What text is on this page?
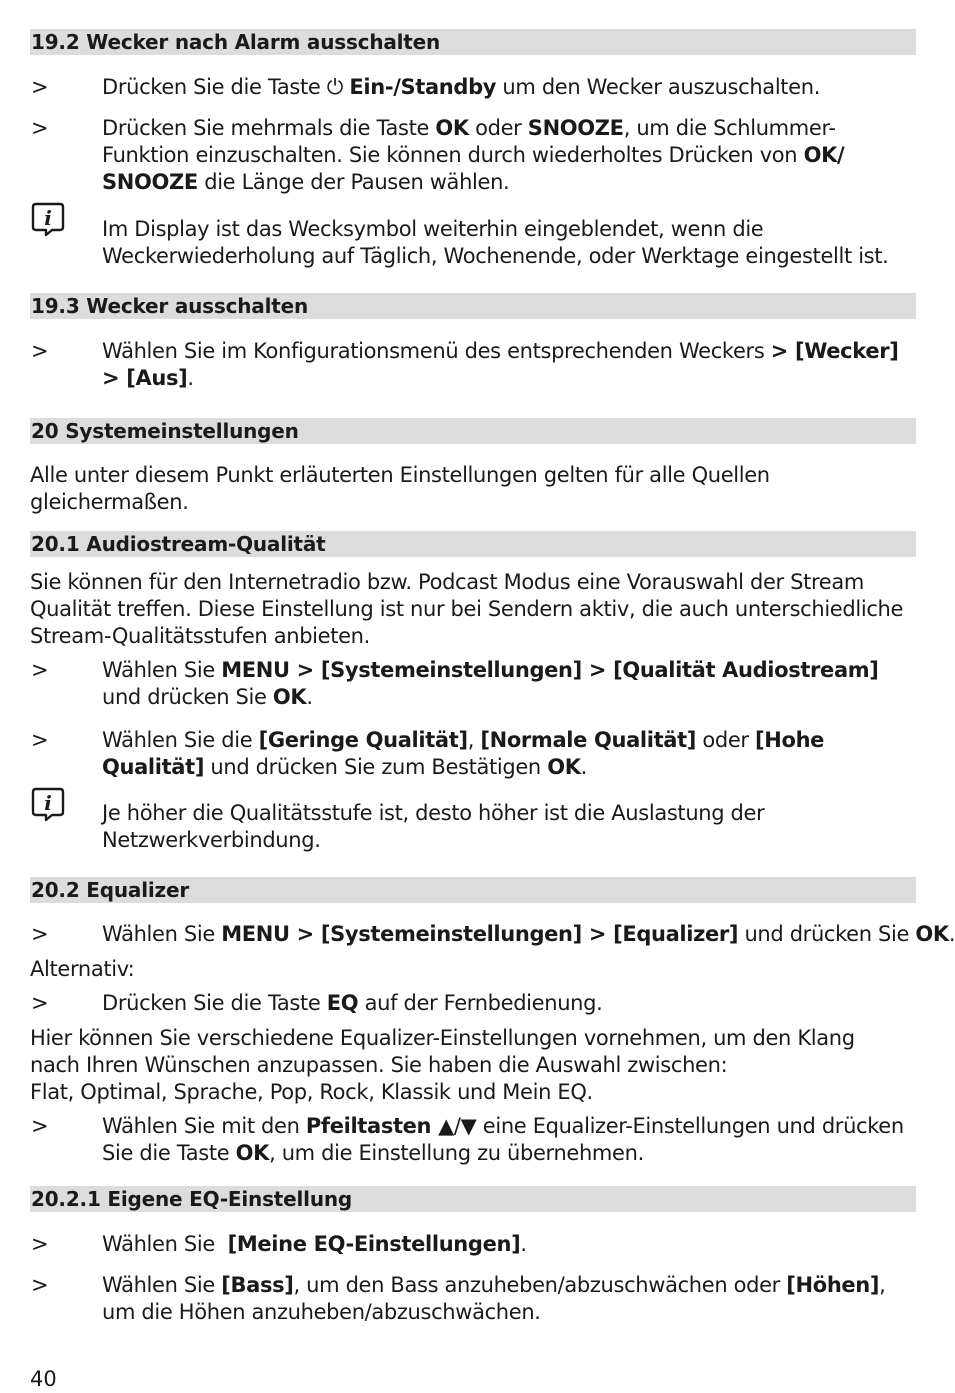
19.2 Wecker nach Alarm ausschalten
>	Drücken Sie die Taste ⏻ Ein-/Standby um den Wecker auszuschalten.
>	Drücken Sie mehrmals die Taste OK oder SNOOZE, um die Schlummer-Funktion einzuschalten. Sie können durch wiederholtes Drücken von OK/ SNOOZE die Länge der Pausen wählen.
i Im Display ist das Wecksymbol weiterhin eingeblendet, wenn die Weckerwiederholung auf Täglich, Wochenende, oder Werktage eingestellt ist.
19.3 Wecker ausschalten
>	Wählen Sie im Konfigurationsmenü des entsprechenden Weckers > [Wecker] > [Aus].
20 Systemeinstellungen
Alle unter diesem Punkt erläuterten Einstellungen gelten für alle Quellen gleichermaßen.
20.1 Audiostream-Qualität
Sie können für den Internetradio bzw. Podcast Modus eine Vorauswahl der Stream Qualität treffen. Diese Einstellung ist nur bei Sendern aktiv, die auch unterschiedliche Stream-Qualitätsstufen anbieten.
>	Wählen Sie MENU > [Systemeinstellungen] > [Qualität Audiostream] und drücken Sie OK.
>	Wählen Sie die [Geringe Qualität], [Normale Qualität] oder [Hohe Qualität] und drücken Sie zum Bestätigen OK.
i Je höher die Qualitätsstufe ist, desto höher ist die Auslastung der Netzwerkverbindung.
20.2 Equalizer
>	Wählen Sie MENU > [Systemeinstellungen] > [Equalizer] und drücken Sie OK.
Alternativ:
>	Drücken Sie die Taste EQ auf der Fernbedienung.
Hier können Sie verschiedene Equalizer-Einstellungen vornehmen, um den Klang
nach Ihren Wünschen anzupassen. Sie haben die Auswahl zwischen:
Flat, Optimal, Sprache, Pop, Rock, Klassik und Mein EQ.
>	Wählen Sie mit den Pfeiltasten ▲/▼ eine Equalizer-Einstellungen und drücken Sie die Taste OK, um die Einstellung zu übernehmen.
20.2.1 Eigene EQ-Einstellung
>	Wählen Sie  [Meine EQ-Einstellungen].
>	Wählen Sie [Bass], um den Bass anzuheben/abzuschwächen oder [Höhen], um die Höhen anzuheben/abzuschwächen.
40
